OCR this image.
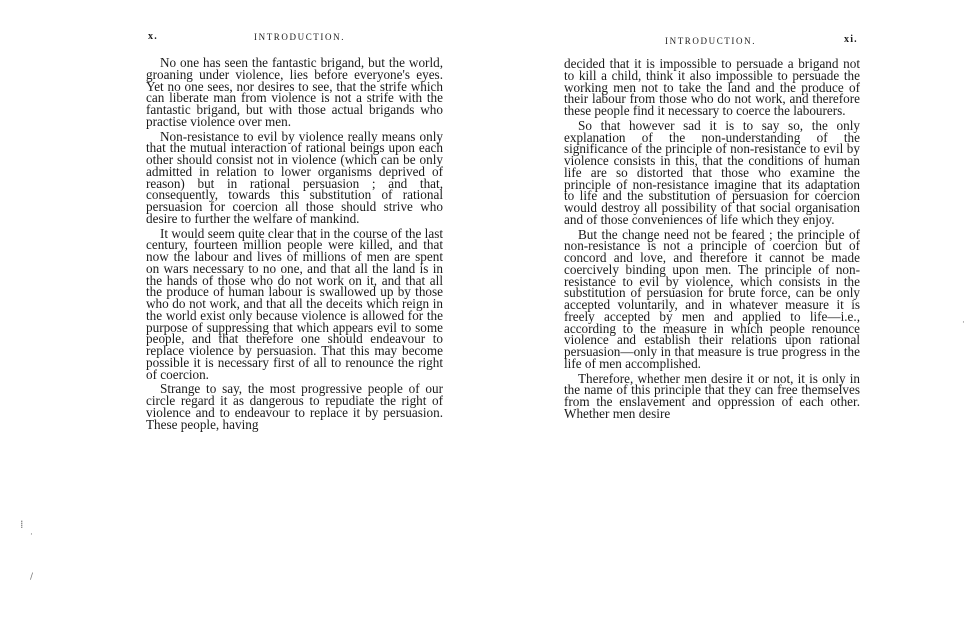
x.	INTRODUCTION.

No one has seen the fantastic brigand, but the world, groaning under violence, lies before everyone's eyes. Yet no one sees, nor desires to see, that the strife which can liberate man from violence is not a strife with the fantastic brigand, but with those actual brigands who practise violence over men.

Non-resistance to evil by violence really means only that the mutual interaction of rational beings upon each other should consist not in violence (which can be only admitted in relation to lower organisms deprived of reason) but in rational persuasion ; and that, consequently, towards this substitution of rational persuasion for coercion all those should strive who desire to further the welfare of mankind.

It would seem quite clear that in the course of the last century, fourteen million people were killed, and that now the labour and lives of millions of men are spent on wars necessary to no one, and that all the land is in the hands of those who do not work on it, and that all the produce of human labour is swallowed up by those who do not work, and that all the deceits which reign in the world exist only because violence is allowed for the purpose of suppressing that which appears evil to some people, and that therefore one should endeavour to replace violence by persuasion. That this may become possible it is necessary first of all to renounce the right of coercion.

Strange to say, the most progressive people of our circle regard it as dangerous to repudiate the right of violence and to endeavour to replace it by persuasion. These people, having

INTRODUCTION.	xi.

decided that it is impossible to persuade a brigand not to kill a child, think it also impossible to persuade the working men not to take the land and the produce of their labour from those who do not work, and therefore these people find it necessary to coerce the labourers.

So that however sad it is to say so, the only explanation of the non-understanding of the significance of the principle of non-resistance to evil by violence consists in this, that the conditions of human life are so distorted that those who examine the principle of non-resistance imagine that its adaptation to life and the substitution of persuasion for coercion would destroy all possibility of that social organisation and of those conveniences of life which they enjoy.

But the change need not be feared ; the principle of non-resistance is not a principle of coercion but of concord and love, and therefore it cannot be made coercively binding upon men. The principle of non-resistance to evil by violence, which consists in the substitution of persuasion for brute force, can be only accepted voluntarily, and in whatever measure it is freely accepted by men and applied to life—i.e., according to the measure in which people renounce violence and establish their relations upon rational persuasion—only in that measure is true progress in the life of men accomplished.

Therefore, whether men desire it or not, it is only in the name of this principle that they can free themselves from the enslavement and oppression of each other. Whether men desire

⁞
·
/
·
